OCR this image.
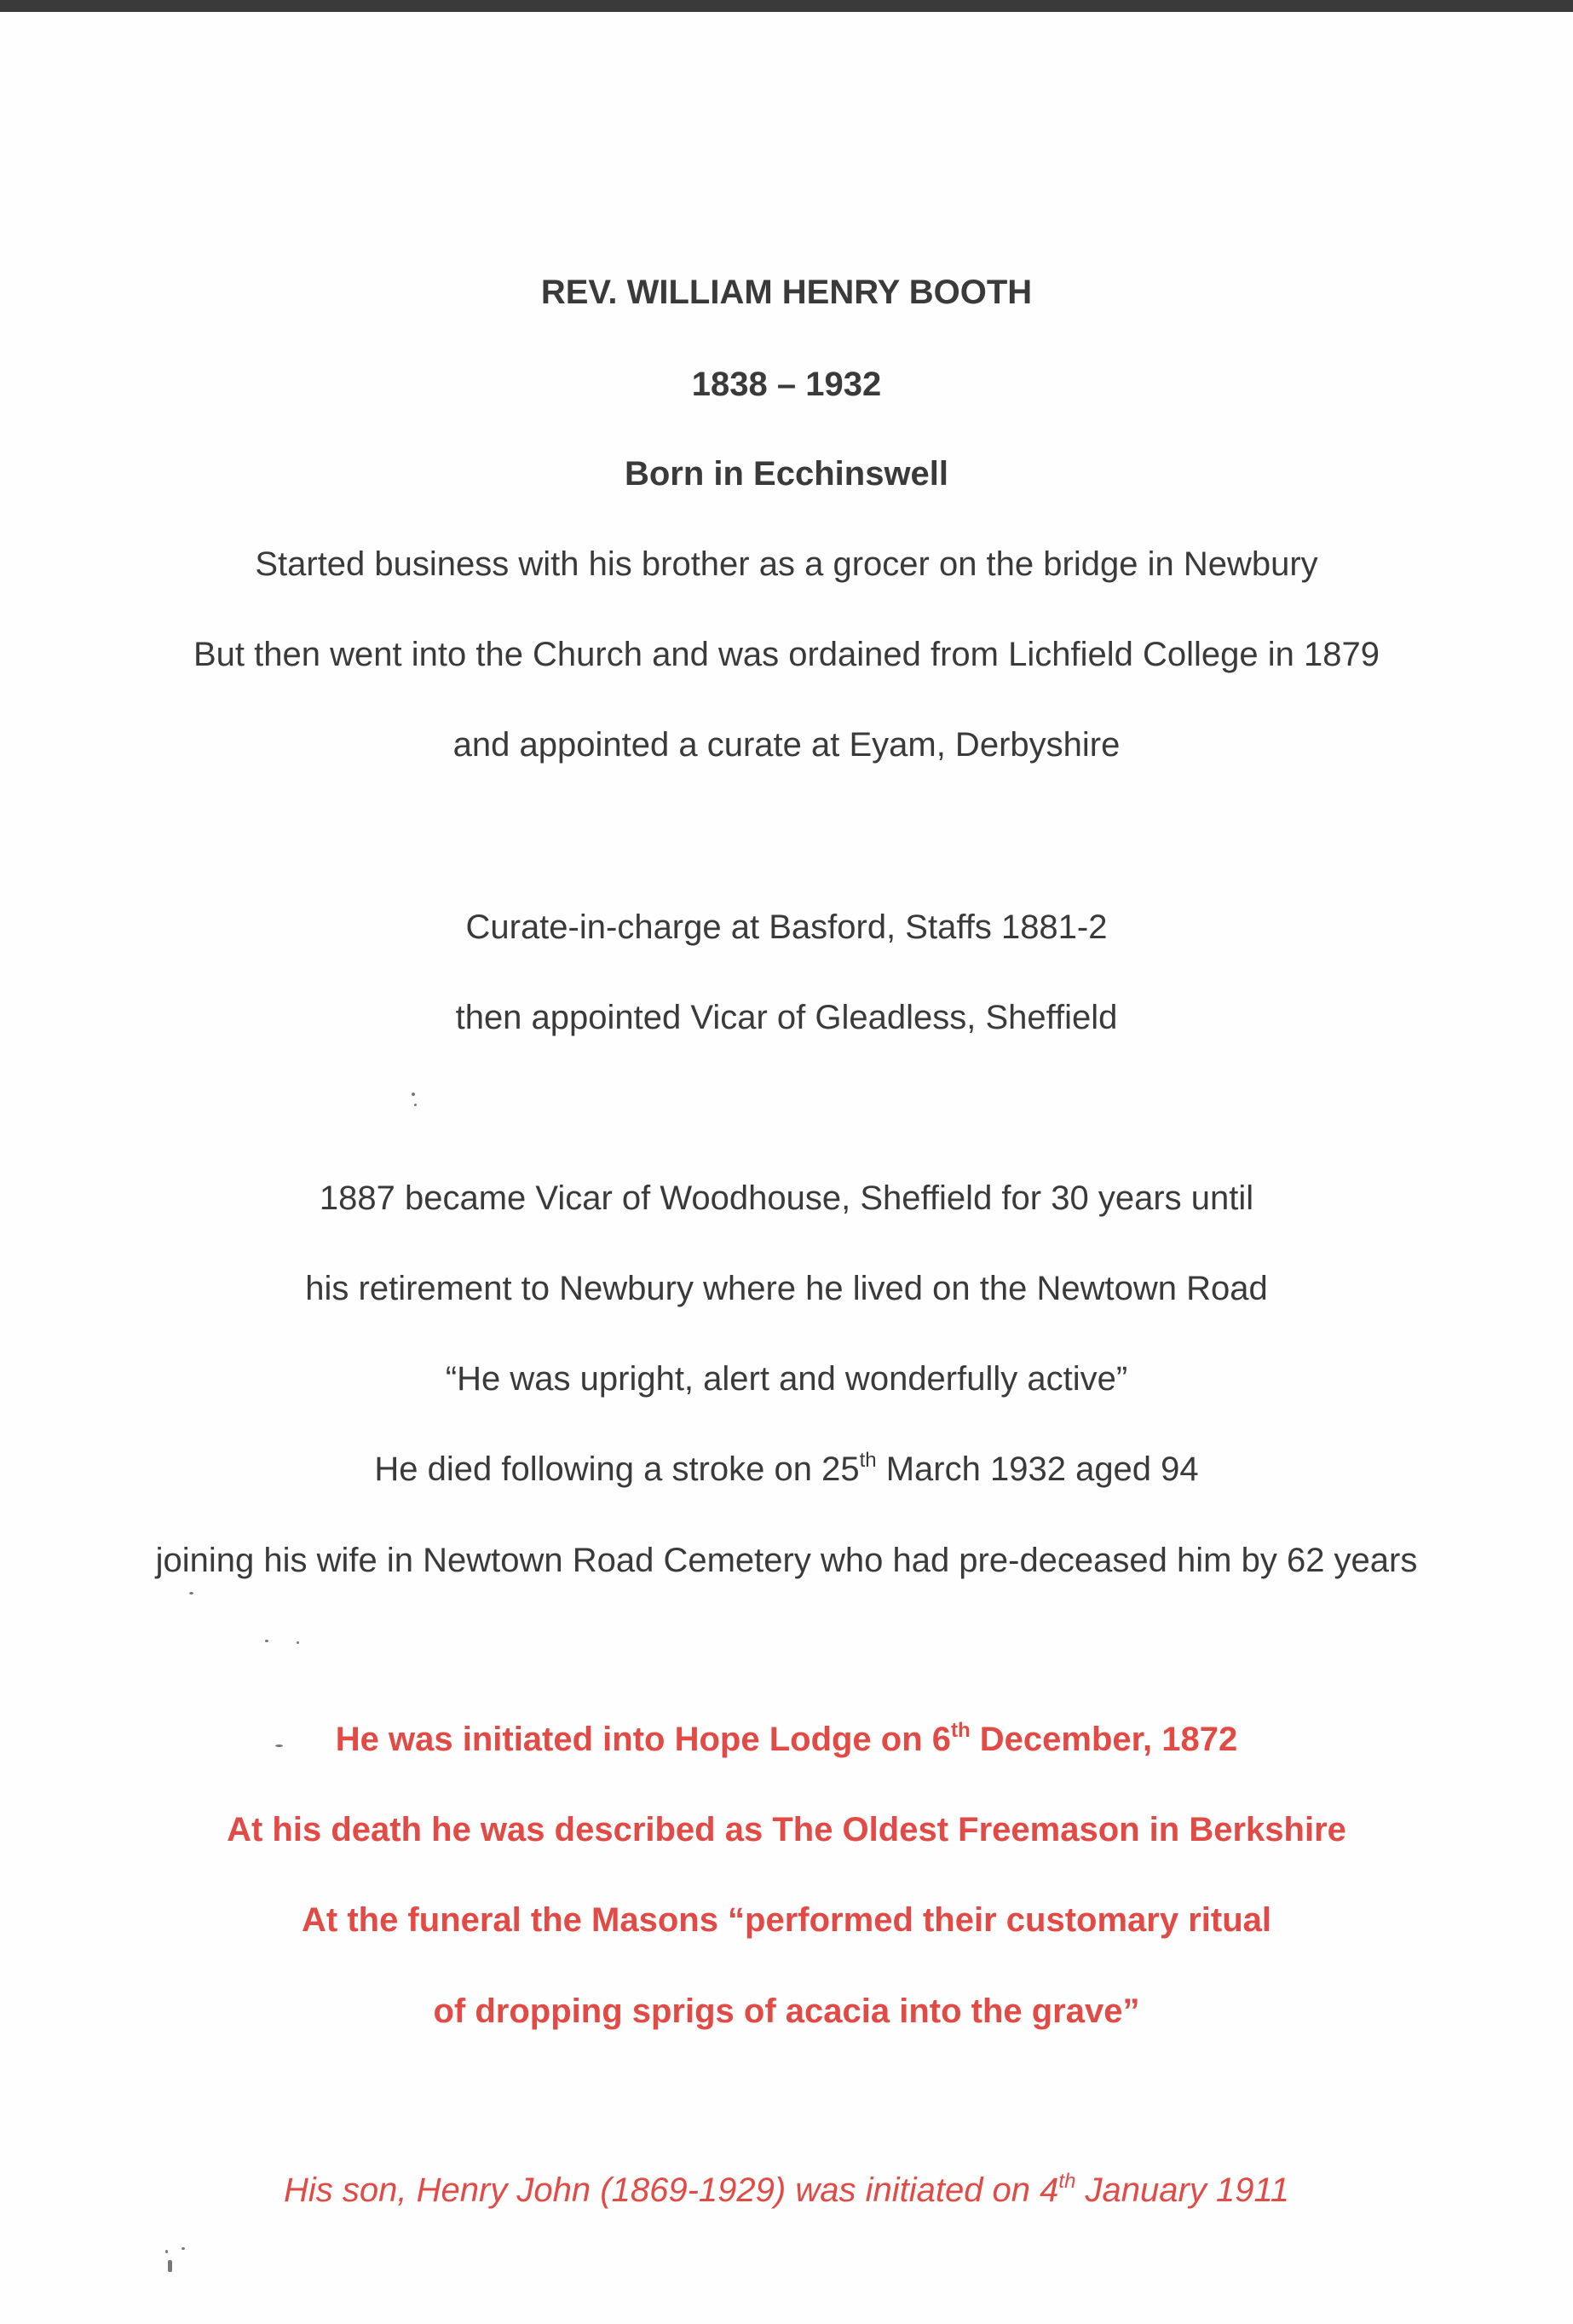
REV. WILLIAM HENRY BOOTH
1838 – 1932
Born in Ecchinswell
Started business with his brother as a grocer on the bridge in Newbury
But then went into the Church and was ordained from Lichfield College in 1879
and appointed a curate at Eyam, Derbyshire
Curate-in-charge at Basford, Staffs 1881-2
then appointed Vicar of Gleadless, Sheffield
1887 became Vicar of Woodhouse, Sheffield for 30 years until
his retirement to Newbury where he lived on the Newtown Road
“He was upright, alert and wonderfully active”
He died following a stroke on 25th March 1932 aged 94
joining his wife in Newtown Road Cemetery who had pre-deceased him by 62 years
He was initiated into Hope Lodge on 6th December, 1872
At his death he was described as The Oldest Freemason in Berkshire
At the funeral the Masons “performed their customary ritual
of dropping sprigs of acacia into the grave”
His son, Henry John (1869-1929) was initiated on 4th January 1911
